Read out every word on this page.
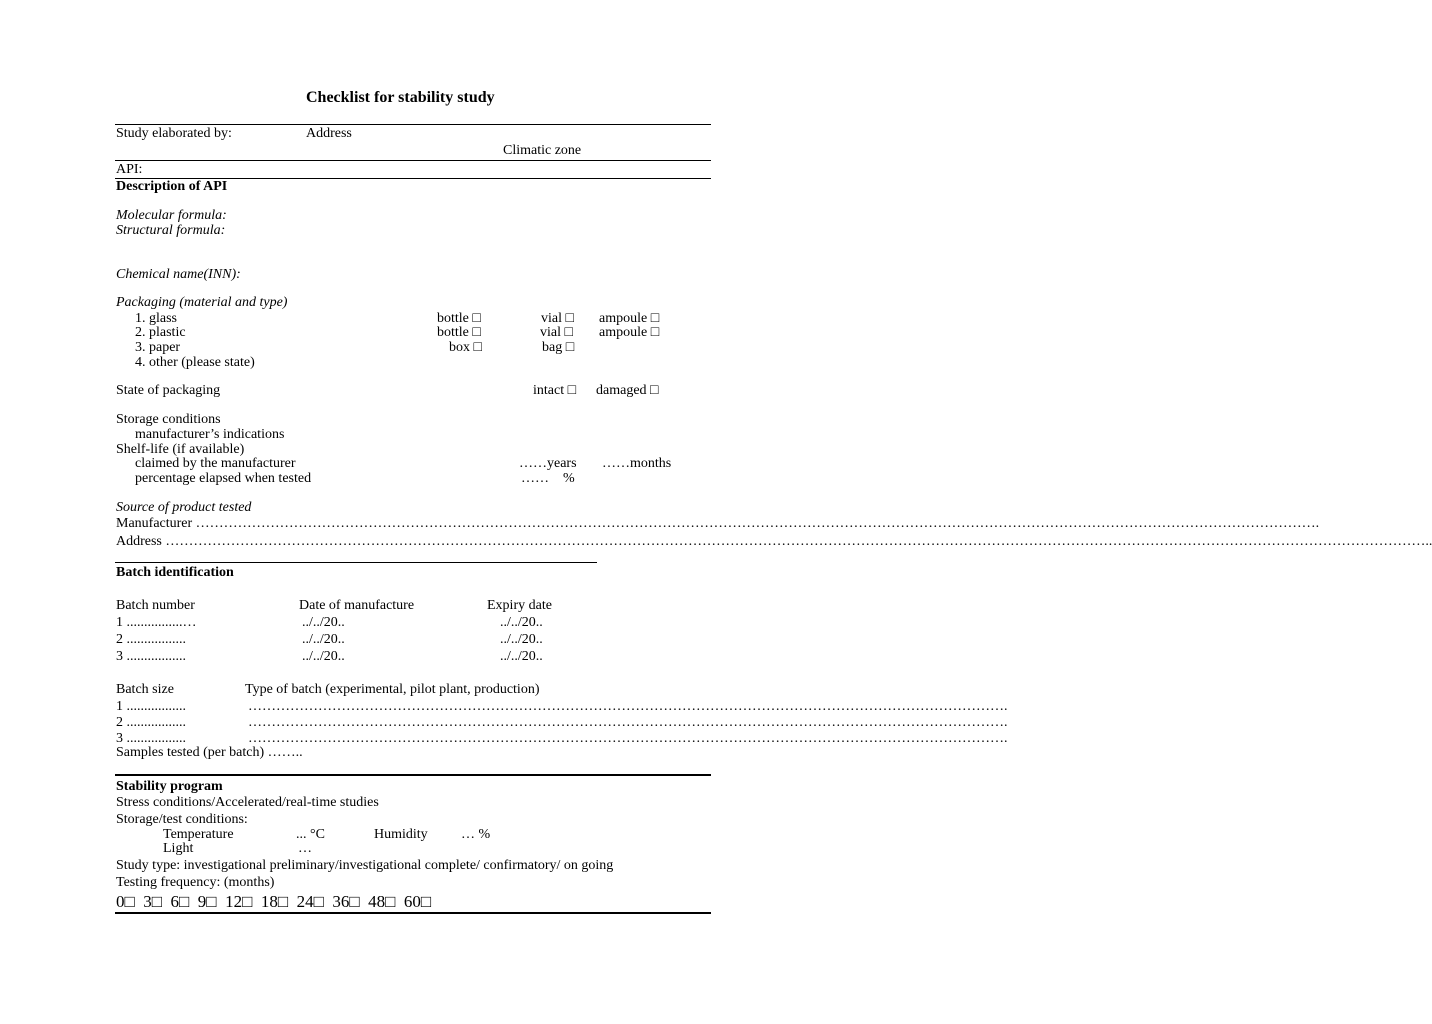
Checklist for stability study
Study elaborated by:	Address
Climatic zone
API:
Description of API
Molecular formula:
Structural formula:
Chemical name(INN):
Packaging (material and type)
1. glass	bottle □	vial □ ampoule □
2. plastic	bottle □	vial □ ampoule □
3. paper	box □	bag □
4. other (please state)
State of packaging	intact □ damaged □
Storage conditions
manufacturer’s indications
Shelf-life (if available)
claimed by the manufacturer	……years ……months
percentage elapsed when tested	……    %
Source of product tested
Manufacturer …………………………………………………………………………………………………………………………………………………………………………………………………………………….
Address ………………………………………………………………………………………………………………………………………………………………………………………………………………………………………………..
Batch identification
Batch number	Date of manufacture	Expiry date
1 ................…	../../20..	../../20..
2 .................	../../20..	../../20..
3 .................	../../20..	../../20..
Batch size	Type of batch (experimental, pilot plant, production)
1 .................	……………………………………………………………………………………………………………………………………………….
2 .................	……………………………………………………………………………………………………………………………………………….
3 .................	……………………………………………………………………………………………………………………………………………….
Samples tested (per batch) ……..
Stability program
Stress conditions/Accelerated/real-time studies
Storage/test conditions:
Temperature	... °C	Humidity … %
Light	…
Study type: investigational preliminary/investigational complete/ confirmatory/ on going
Testing frequency: (months)
0□  3□  6□  9□  12□  18□  24□  36□  48□  60□
